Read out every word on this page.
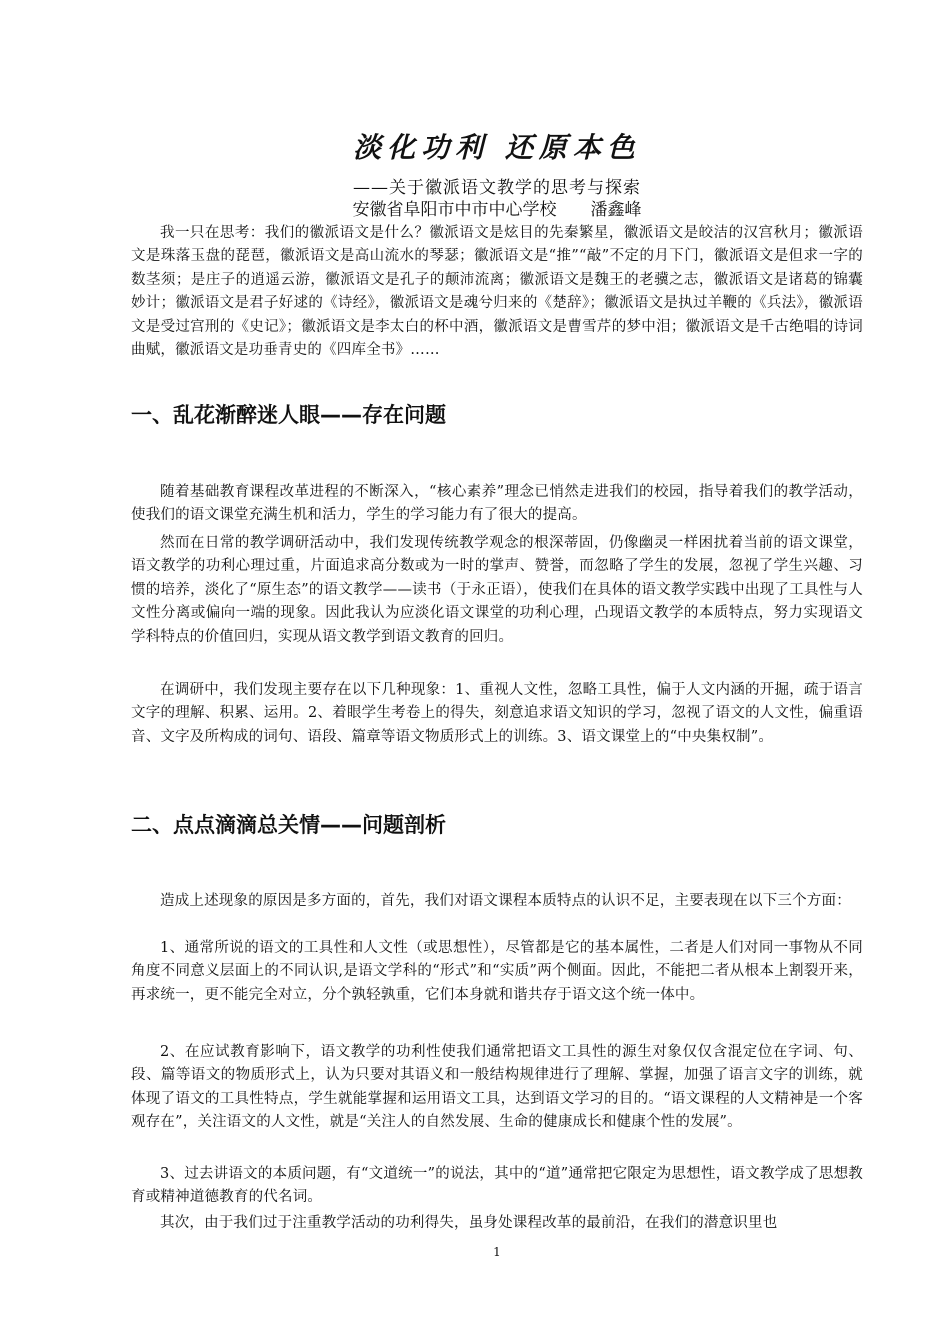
淡化功利 还原本色
——关于徽派语文教学的思考与探索
安徽省阜阳市中市中心学校 潘鑫峰

我一只在思考：我们的徽派语文是什么？徽派语文是炫目的先秦繁星，徽派语文是皎洁的汉宫秋月；徽派语文是珠落玉盘的琵琶，徽派语文是高山流水的琴瑟；徽派语文是“推”“敲”不定的月下门，徽派语文是但求一字的数茎须；是庄子的逍遥云游，徽派语文是孔子的颠沛流离；徽派语文是魏王的老骥之志，徽派语文是诸葛的锦囊妙计；徽派语文是君子好逑的《诗经》，徽派语文是魂兮归来的《楚辞》；徽派语文是执过羊鞭的《兵法》，徽派语文是受过宫刑的《史记》；徽派语文是李太白的杯中酒，徽派语文是曹雪芹的梦中泪；徽派语文是千古绝唱的诗词曲赋，徽派语文是功垂青史的《四库全书》……

一、乱花渐醉迷人眼——存在问题

随着基础教育课程改革进程的不断深入，“核心素养”理念已悄然走进我们的校园，指导着我们的教学活动，使我们的语文课堂充满生机和活力，学生的学习能力有了很大的提高。

然而在日常的教学调研活动中，我们发现传统教学观念的根深蒂固，仍像幽灵一样困扰着当前的语文课堂，语文教学的功利心理过重，片面追求高分数或为一时的掌声、赞誉，而忽略了学生的发展，忽视了学生兴趣、习惯的培养，淡化了“原生态”的语文教学——读书（于永正语），使我们在具体的语文教学实践中出现了工具性与人文性分离或偏向一端的现象。因此我认为应淡化语文课堂的功利心理，凸现语文教学的本质特点，努力实现语文学科特点的价值回归，实现从语文教学到语文教育的回归。

在调研中，我们发现主要存在以下几种现象：1、重视人文性，忽略工具性，偏于人文内涵的开掘，疏于语言文字的理解、积累、运用。2、着眼学生考卷上的得失，刻意追求语文知识的学习，忽视了语文的人文性，偏重语音、文字及所构成的词句、语段、篇章等语文物质形式上的训练。3、语文课堂上的“中央集权制”。

二、点点滴滴总关情——问题剖析

造成上述现象的原因是多方面的，首先，我们对语文课程本质特点的认识不足，主要表现在以下三个方面：

1、通常所说的语文的工具性和人文性（或思想性），尽管都是它的基本属性，二者是人们对同一事物从不同角度不同意义层面上的不同认识,是语文学科的“形式”和“实质”两个侧面。因此，不能把二者从根本上割裂开来，再求统一，更不能完全对立，分个孰轻孰重，它们本身就和谐共存于语文这个统一体中。

2、在应试教育影响下，语文教学的功利性使我们通常把语文工具性的源生对象仅仅含混定位在字词、句、段、篇等语文的物质形式上，认为只要对其语义和一般结构规律进行了理解、掌握，加强了语言文字的训练，就体现了语文的工具性特点，学生就能掌握和运用语文工具，达到语文学习的目的。“语文课程的人文精神是一个客观存在”，关注语文的人文性，就是“关注人的自然发展、生命的健康成长和健康个性的发展”。

3、过去讲语文的本质问题，有“文道统一”的说法，其中的“道”通常把它限定为思想性，语文教学成了思想教育或精神道德教育的代名词。

其次，由于我们过于注重教学活动的功利得失，虽身处课程改革的最前沿，在我们的潜意识里也

1
